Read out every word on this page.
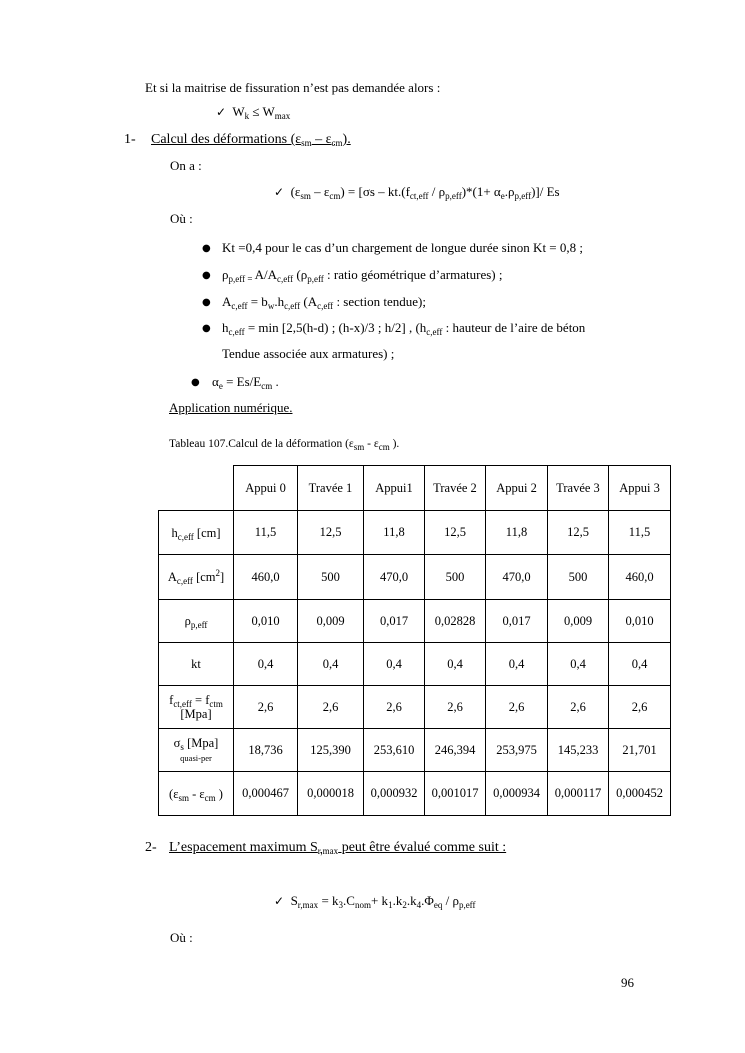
Et si la maitrise de fissuration n’est pas demandée alors :
✓ $W_k \le W_{max}$
1- Calcul des déformations $(\varepsilon_{sm} - \varepsilon_{cm})$.
On a :
✓ $(\varepsilon_{sm} - \varepsilon_{cm}) = [\sigma s - kt.(f_{ct,eff} / \rho_{p,eff})*(1+ \alpha_e.\rho_{p,eff})]/$ Es
Où :
● Kt =0,4 pour le cas d’un chargement de longue durée sinon Kt = 0,8 ;
● $\rho_{p,eff =}$ $A/A_{c,eff}$ ($\rho_{p,eff}$ : ratio géométrique d’armatures) ;
● $A_{c,eff} = b_w.h_{c,eff}$ ($A_{c,eff}$ : section tendue);
● $h_{c,eff} = \min [2,5(h-d)$ ; (h-x)/3 ; h/2] , ($h_{c,eff}$ : hauteur de l’aire de béton
Tendue associée aux armatures) ;
● $\alpha_e = Es/E_{cm}$ .
Application numérique.
Tableau 107.Calcul de la déformation ($\varepsilon_{sm} - \varepsilon_{cm}$ ).
	Appui 0	Travée 1	Appui1	Travée 2	Appui 2	Travée 3	Appui 3
$h_{c,eff}$ [cm]	11,5	12,5	11,8	12,5	11,8	12,5	11,5
$A_{c,eff}$ $[cm^2]$	460,0	500	470,0	500	470,0	500	460,0
$\rho_{p,eff}$	0,010	0,009	0,017	0,02828	0,017	0,009	0,010
kt	0,4	0,4	0,4	0,4	0,4	0,4	0,4
$f_{ct,eff} = f_{ctm}$
[Mpa]	2,6	2,6	2,6	2,6	2,6	2,6	2,6
$\sigma_s$ [Mpa]
quasi-per	18,736	125,390	253,610	246,394	253,975	145,233	21,701
($\varepsilon_{sm} - \varepsilon_{cm}$ )	0,000467	0,000018	0,000932	0,001017	0,000934	0,000117	0,000452
2- L’espacement maximum $S_{r,max}$ peut être évalué comme suit :
✓ $S_{r,max} = k_3.C_{nom}+ k_1.k_2.k_4.\Phi_{eq} / \rho_{p,eff}$
Où :
96
